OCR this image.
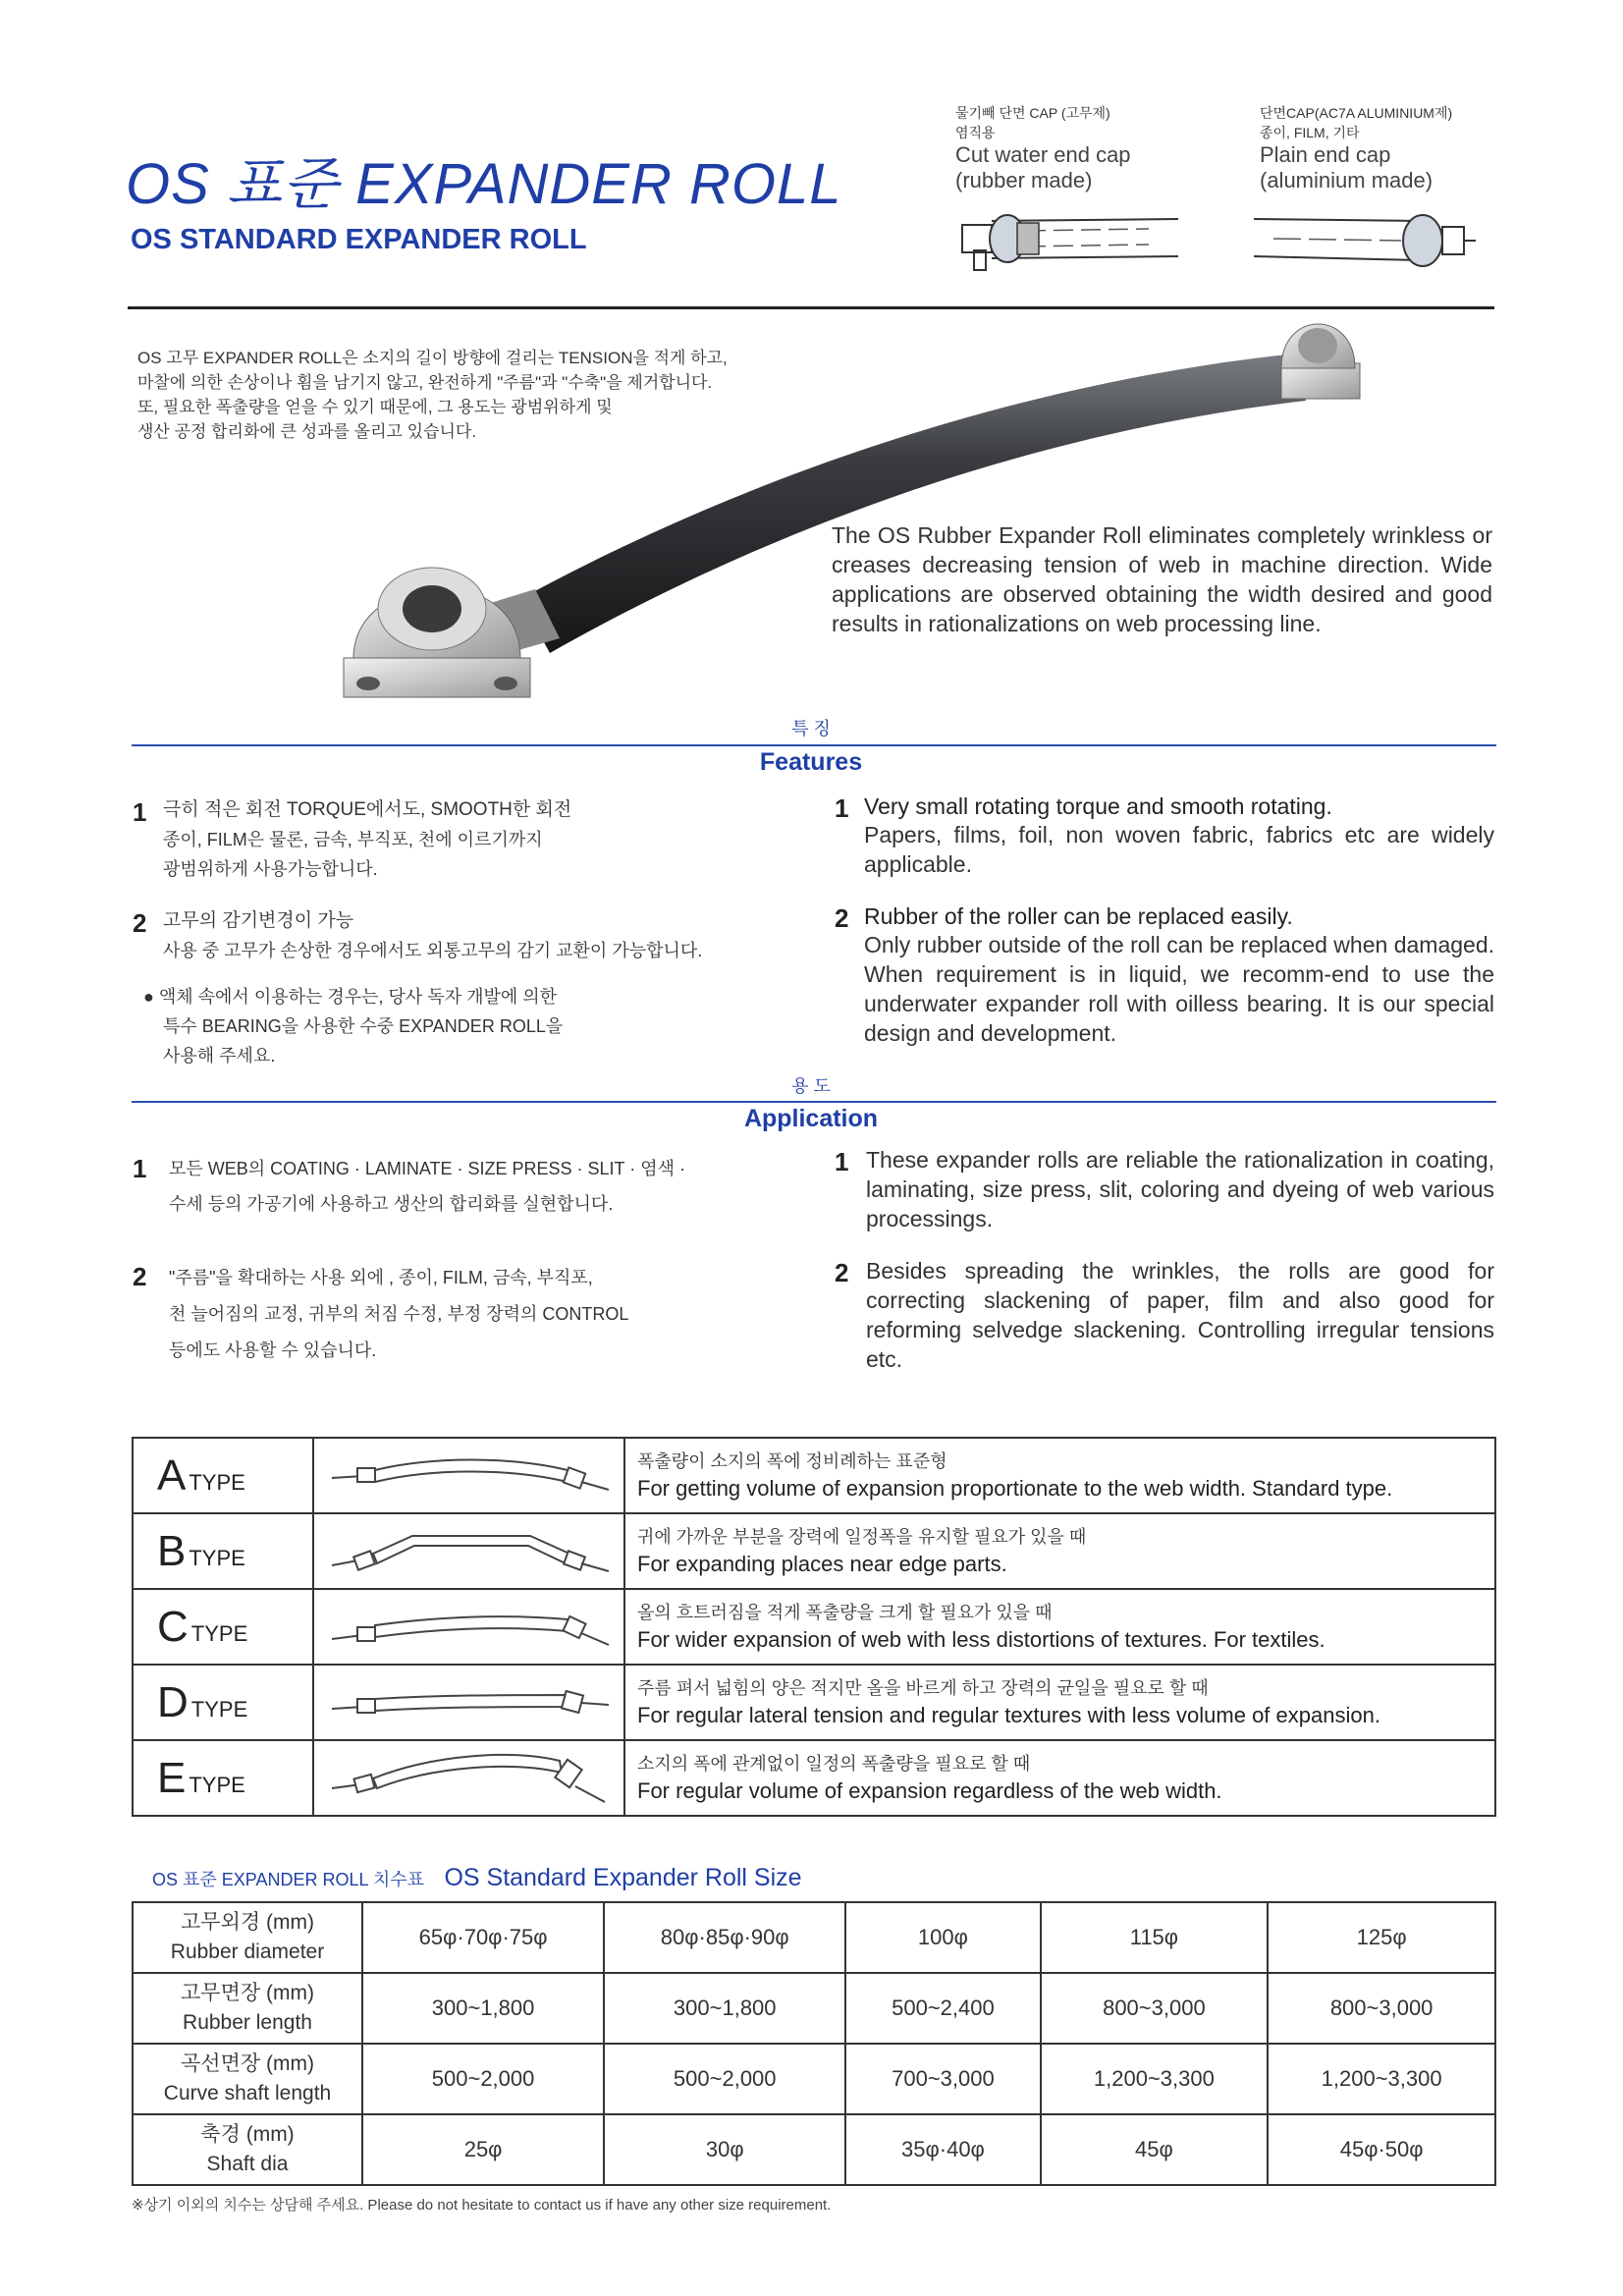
OS 표준 EXPANDER ROLL
OS STANDARD EXPANDER ROLL
물기빼 단면 CAP (고무제)
염직용
Cut water end cap
(rubber made)
단면CAP(AC7A ALUMINIUM제)
종이, FILM, 기타
Plain end cap
(aluminium made)
OS 고무 EXPANDER ROLL은 소지의 길이 방향에 걸리는 TENSION을 적게 하고,
마찰에 의한 손상이나 횜을 남기지 않고, 완전하게 "주름"과 "수축"을 제거합니다.
또, 필요한 폭출량을 얻을 수 있기 때문에, 그 용도는 광범위하게 및
생산 공정 합리화에 큰 성과를 올리고 있습니다.
The OS Rubber Expander Roll eliminates completely wrinkless or creases decreasing tension of web in machine direction. Wide applications are observed obtaining the width desired and good results in rationalizations on web processing line.
특 징
Features
1 극히 적은 회전 TORQUE에서도, SMOOTH한 회전
종이, FILM은 물론, 금속, 부직포, 천에 이르기까지
광범위하게 사용가능합니다.
2 고무의 감기변경이 가능
사용 중 고무가 손상한 경우에서도 외통고무의 감기 교환이 가능합니다.
● 액체 속에서 이용하는 경우는, 당사 독자 개발에 의한
특수 BEARING을 사용한 수중 EXPANDER ROLL을
사용해 주세요.
1 Very small rotating torque and smooth rotating.
Papers, films, foil, non woven fabric, fabrics etc are widely applicable.
2 Rubber of the roller can be replaced easily.
Only rubber outside of the roll can be replaced when damaged. When requirement is in liquid, we recomm-end to use the underwater expander roll with oilless bearing. It is our special design and development.
용 도
Application
1 모든 WEB의 COATING · LAMINATE · SIZE PRESS · SLIT · 염색 ·
수세 등의 가공기에 사용하고 생산의 합리화를 실현합니다.
2 "주름"을 확대하는 사용 외에 , 종이, FILM, 금속, 부직포,
천 늘어짐의 교정, 귀부의 처짐 수정, 부정 장력의 CONTROL
등에도 사용할 수 있습니다.
1 These expander rolls are reliable the rationalization in coating, laminating, size press, slit, coloring and dyeing of web various processings.
2 Besides spreading the wrinkles, the rolls are good for correcting slackening of paper, film and also good for reforming selvedge slackening. Controlling irregular tensions etc.
A TYPE		폭출량이 소지의 폭에 정비례하는 표준형
For getting volume of expansion proportionate to the web width. Standard type.

B TYPE		귀에 가까운 부분을 장력에 일정폭을 유지할 필요가 있을 때
For expanding places near edge parts.

C TYPE		올의 흐트러짐을 적게 폭출량을 크게 할 필요가 있을 때
For wider expansion of web with less distortions of textures. For textiles.

D TYPE		주름 펴서 넓힘의 양은 적지만 올을 바르게 하고 장력의 균일을 필요로 할 때
For regular lateral tension and regular textures with less volume of expansion.

E TYPE		소지의 폭에 관계없이 일정의 폭출량을 필요로 할 때
For regular volume of expansion regardless of the web width.
OS 표준 EXPANDER ROLL 치수표 OS Standard Expander Roll Size
고무외경 (mm)
Rubber diameter	65φ·70φ·75φ	80φ·85φ·90φ	100φ	115φ	125φ

고무면장 (mm)
Rubber length	300~1,800	300~1,800	500~2,400	800~3,000	800~3,000

곡선면장 (mm)
Curve shaft length	500~2,000	500~2,000	700~3,000	1,200~3,300	1,200~3,300

축경 (mm)
Shaft dia	25φ	30φ	35φ·40φ	45φ	45φ·50φ
※상기 이외의 치수는 상담해 주세요. Please do not hesitate to contact us if have any other size requirement.
